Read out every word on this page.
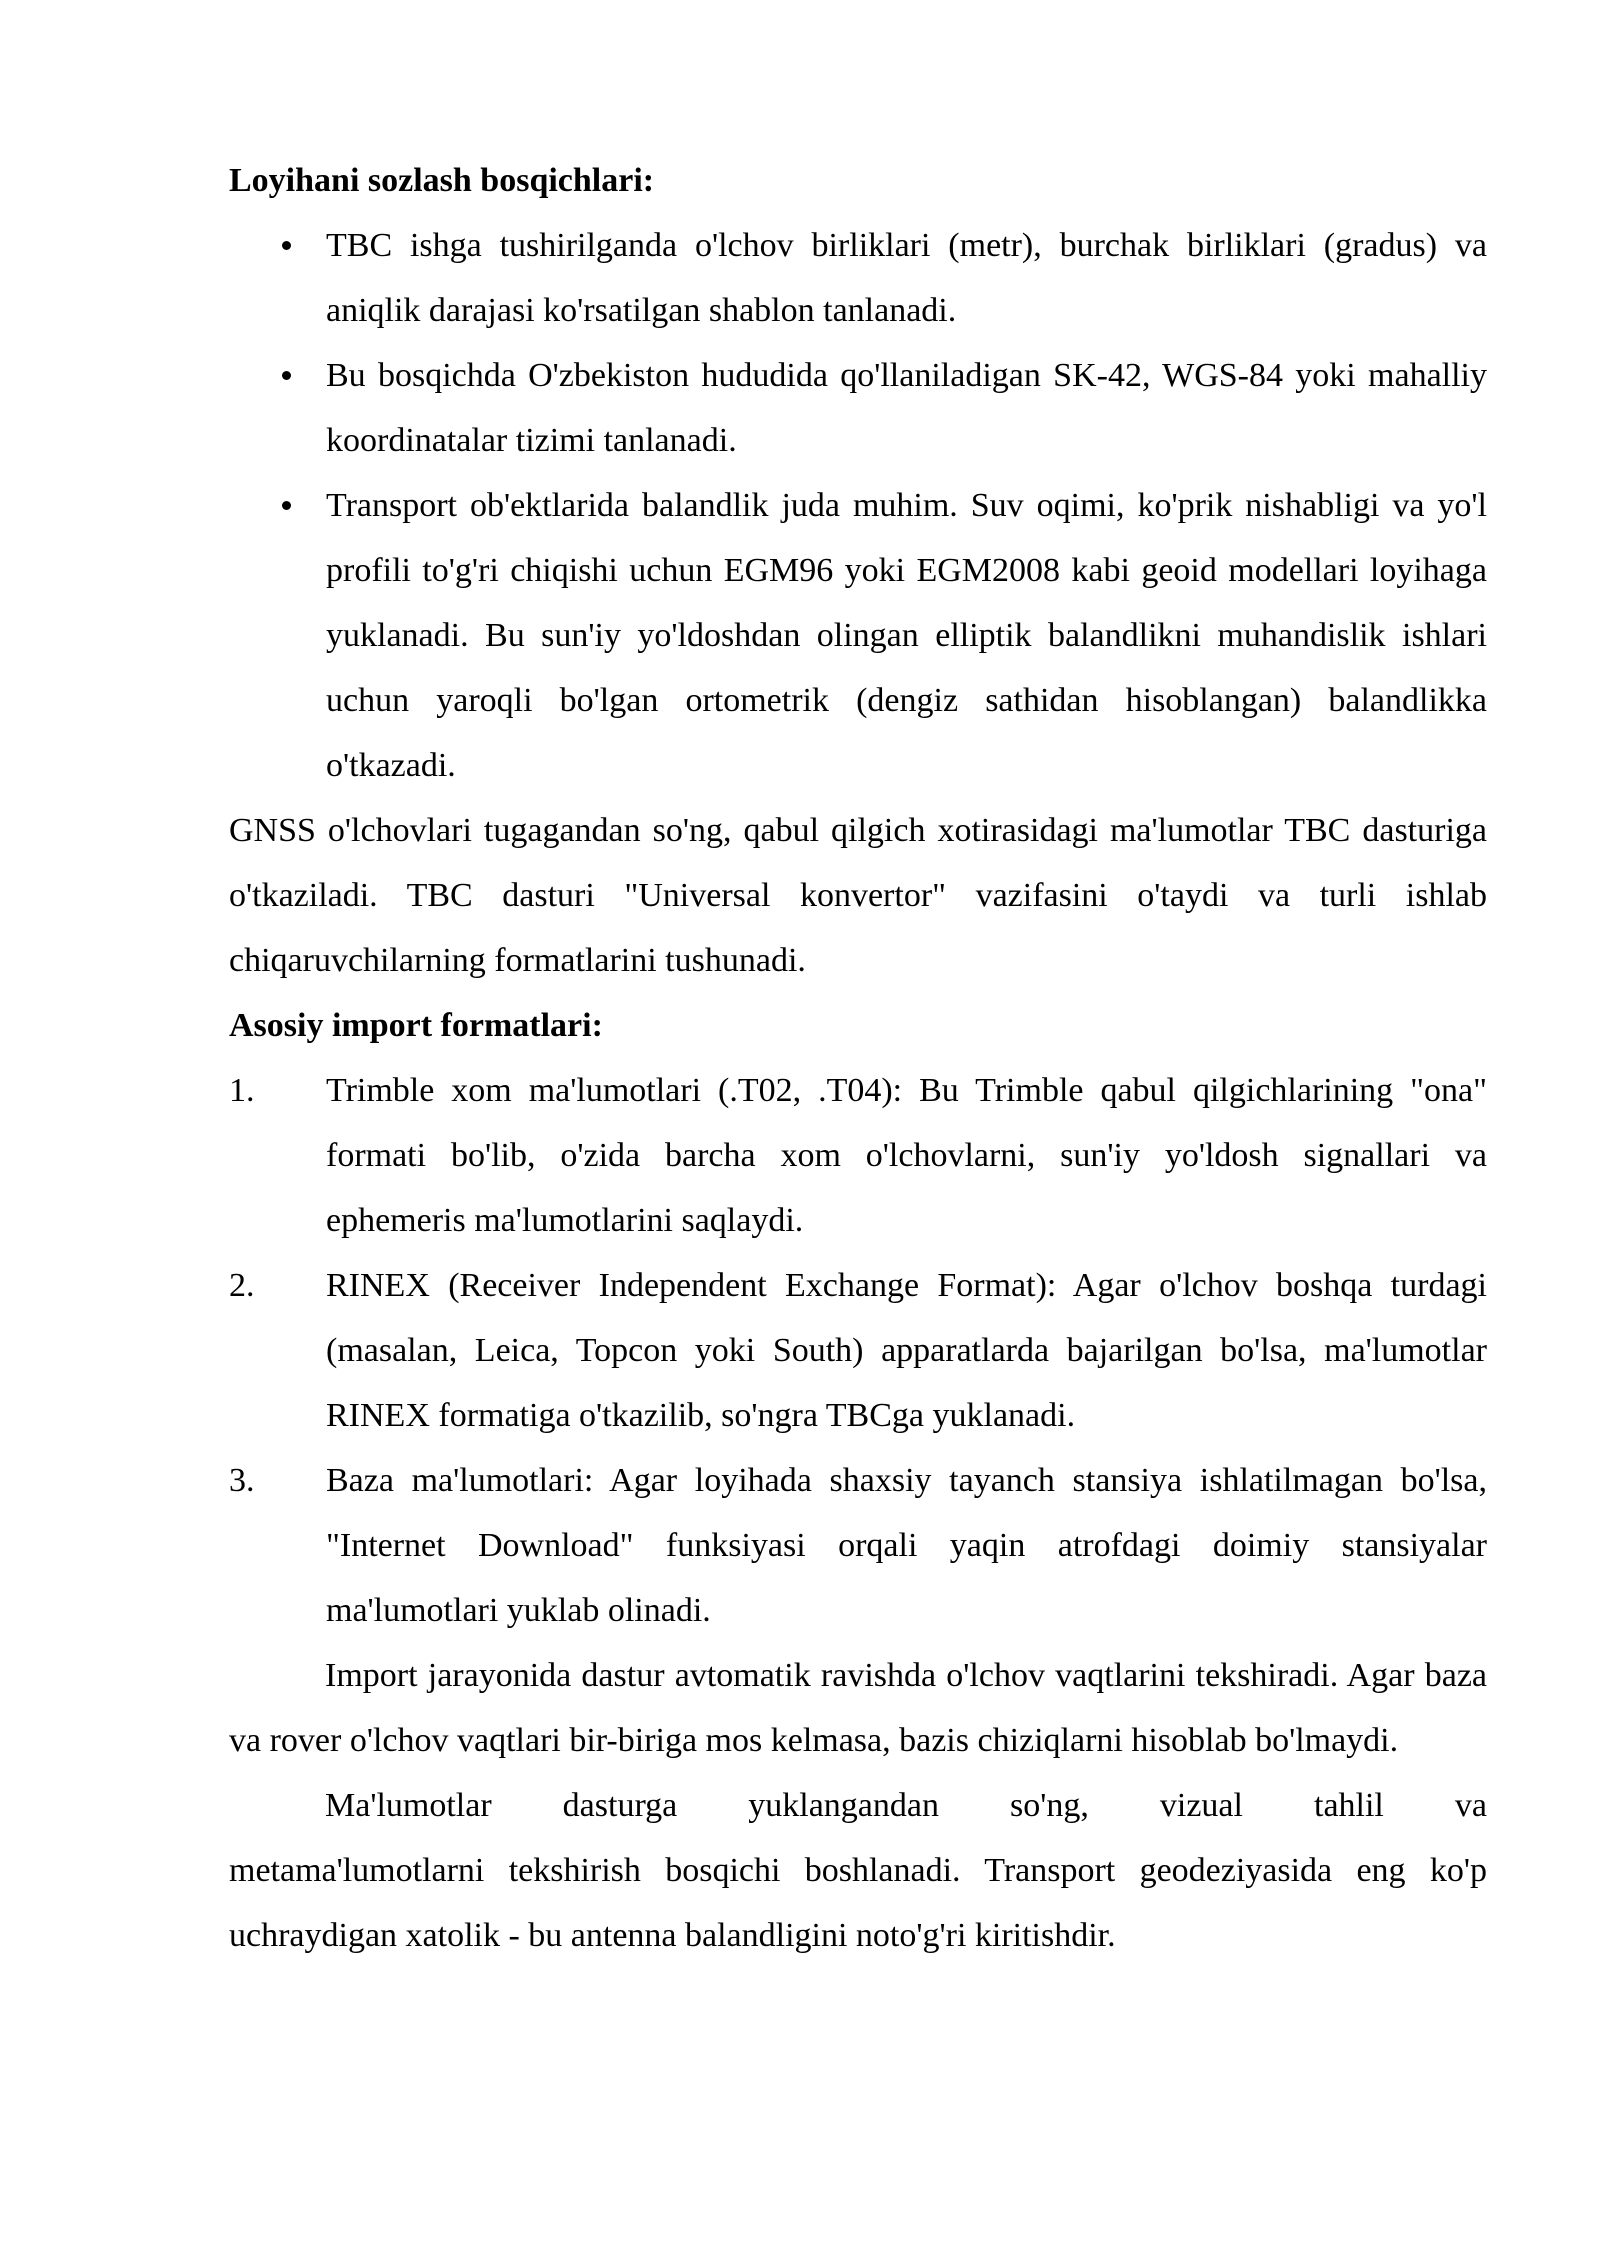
Loyihani sozlash bosqichlari:

TBC ishga tushirilganda o'lchov birliklari (metr), burchak birliklari (gradus) va aniqlik darajasi ko'rsatilgan shablon tanlanadi.
Bu bosqichda O'zbekiston hududida qo'llaniladigan SK-42, WGS-84 yoki mahalliy koordinatalar tizimi tanlanadi.
Transport ob'ektlarida balandlik juda muhim. Suv oqimi, ko'prik nishabligi va yo'l profili to'g'ri chiqishi uchun EGM96 yoki EGM2008 kabi geoid modellari loyihaga yuklanadi. Bu sun'iy yo'ldoshdan olingan elliptik balandlikni muhandislik ishlari uchun yaroqli bo'lgan ortometrik (dengiz sathidan hisoblangan) balandlikka o'tkazadi.

GNSS o'lchovlari tugagandan so'ng, qabul qilgich xotirasidagi ma'lumotlar TBC dasturiga o'tkaziladi. TBC dasturi "Universal konvertor" vazifasini o'taydi va turli ishlab chiqaruvchilarning formatlarini tushunadi.

Asosiy import formatlari:

1.	Trimble xom ma'lumotlari (.T02, .T04): Bu Trimble qabul qilgichlarining "ona" formati bo'lib, o'zida barcha xom o'lchovlarni, sun'iy yo'ldosh signallari va ephemeris ma'lumotlarini saqlaydi.
2.	RINEX (Receiver Independent Exchange Format): Agar o'lchov boshqa turdagi (masalan, Leica, Topcon yoki South) apparatlarda bajarilgan bo'lsa, ma'lumotlar RINEX formatiga o'tkazilib, so'ngra TBCga yuklanadi.
3.	Baza ma'lumotlari: Agar loyihada shaxsiy tayanch stansiya ishlatilmagan bo'lsa, "Internet Download" funksiyasi orqali yaqin atrofdagi doimiy stansiyalar ma'lumotlari yuklab olinadi.

Import jarayonida dastur avtomatik ravishda o'lchov vaqtlarini tekshiradi. Agar baza va rover o'lchov vaqtlari bir-biriga mos kelmasa, bazis chiziqlarni hisoblab bo'lmaydi.

Ma'lumotlar dasturga yuklangandan so'ng, vizual tahlil va

metama'lumotlarni tekshirish bosqichi boshlanadi. Transport geodeziyasida eng ko'p uchraydigan xatolik - bu antenna balandligini noto'g'ri kiritishdir.
